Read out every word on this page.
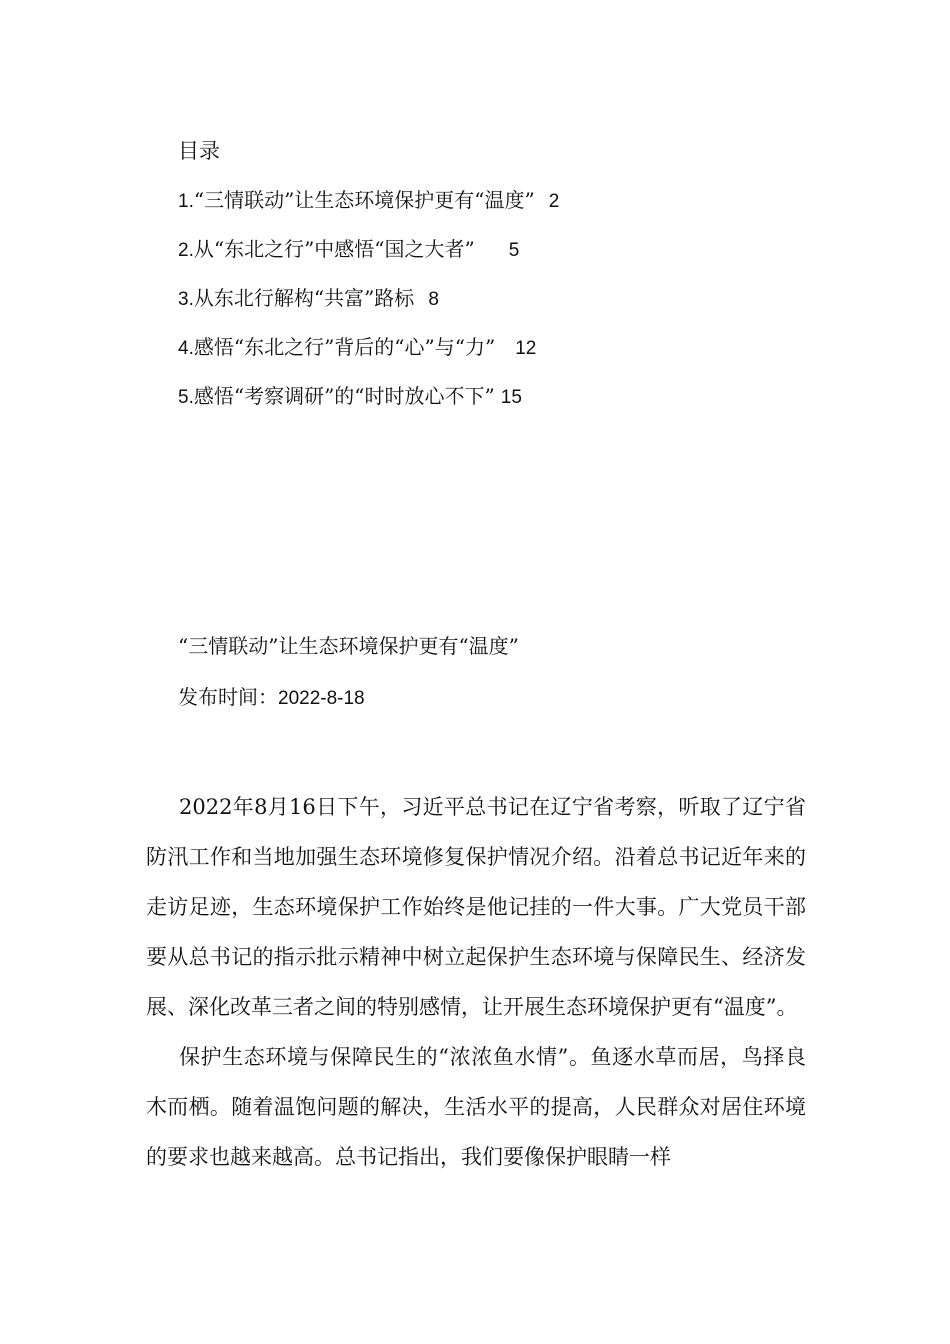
目录
1.“三情联动”让生态环境保护更有“温度” 2
2.从“东北之行”中感悟“国之大者” 5
3.从东北行解构“共富”路标 8
4.感悟“东北之行”背后的“心”与“力” 12
5.感悟“考察调研”的“时时放心不下” 15
“三情联动”让生态环境保护更有“温度”
发布时间：2022-8-18

2022年8月16日下午，习近平总书记在辽宁省考察，听取了辽宁省防汛工作和当地加强生态环境修复保护情况介绍。沿着总书记近年来的走访足迹，生态环境保护工作始终是他记挂的一件大事。广大党员干部要从总书记的指示批示精神中树立起保护生态环境与保障民生、经济发展、深化改革三者之间的特别感情，让开展生态环境保护更有“温度”。

保护生态环境与保障民生的“浓浓鱼水情”。鱼逐水草而居，鸟择良木而栖。随着温饱问题的解决，生活水平的提高，人民群众对居住环境的要求也越来越高。总书记指出，我们要像保护眼睛一样
